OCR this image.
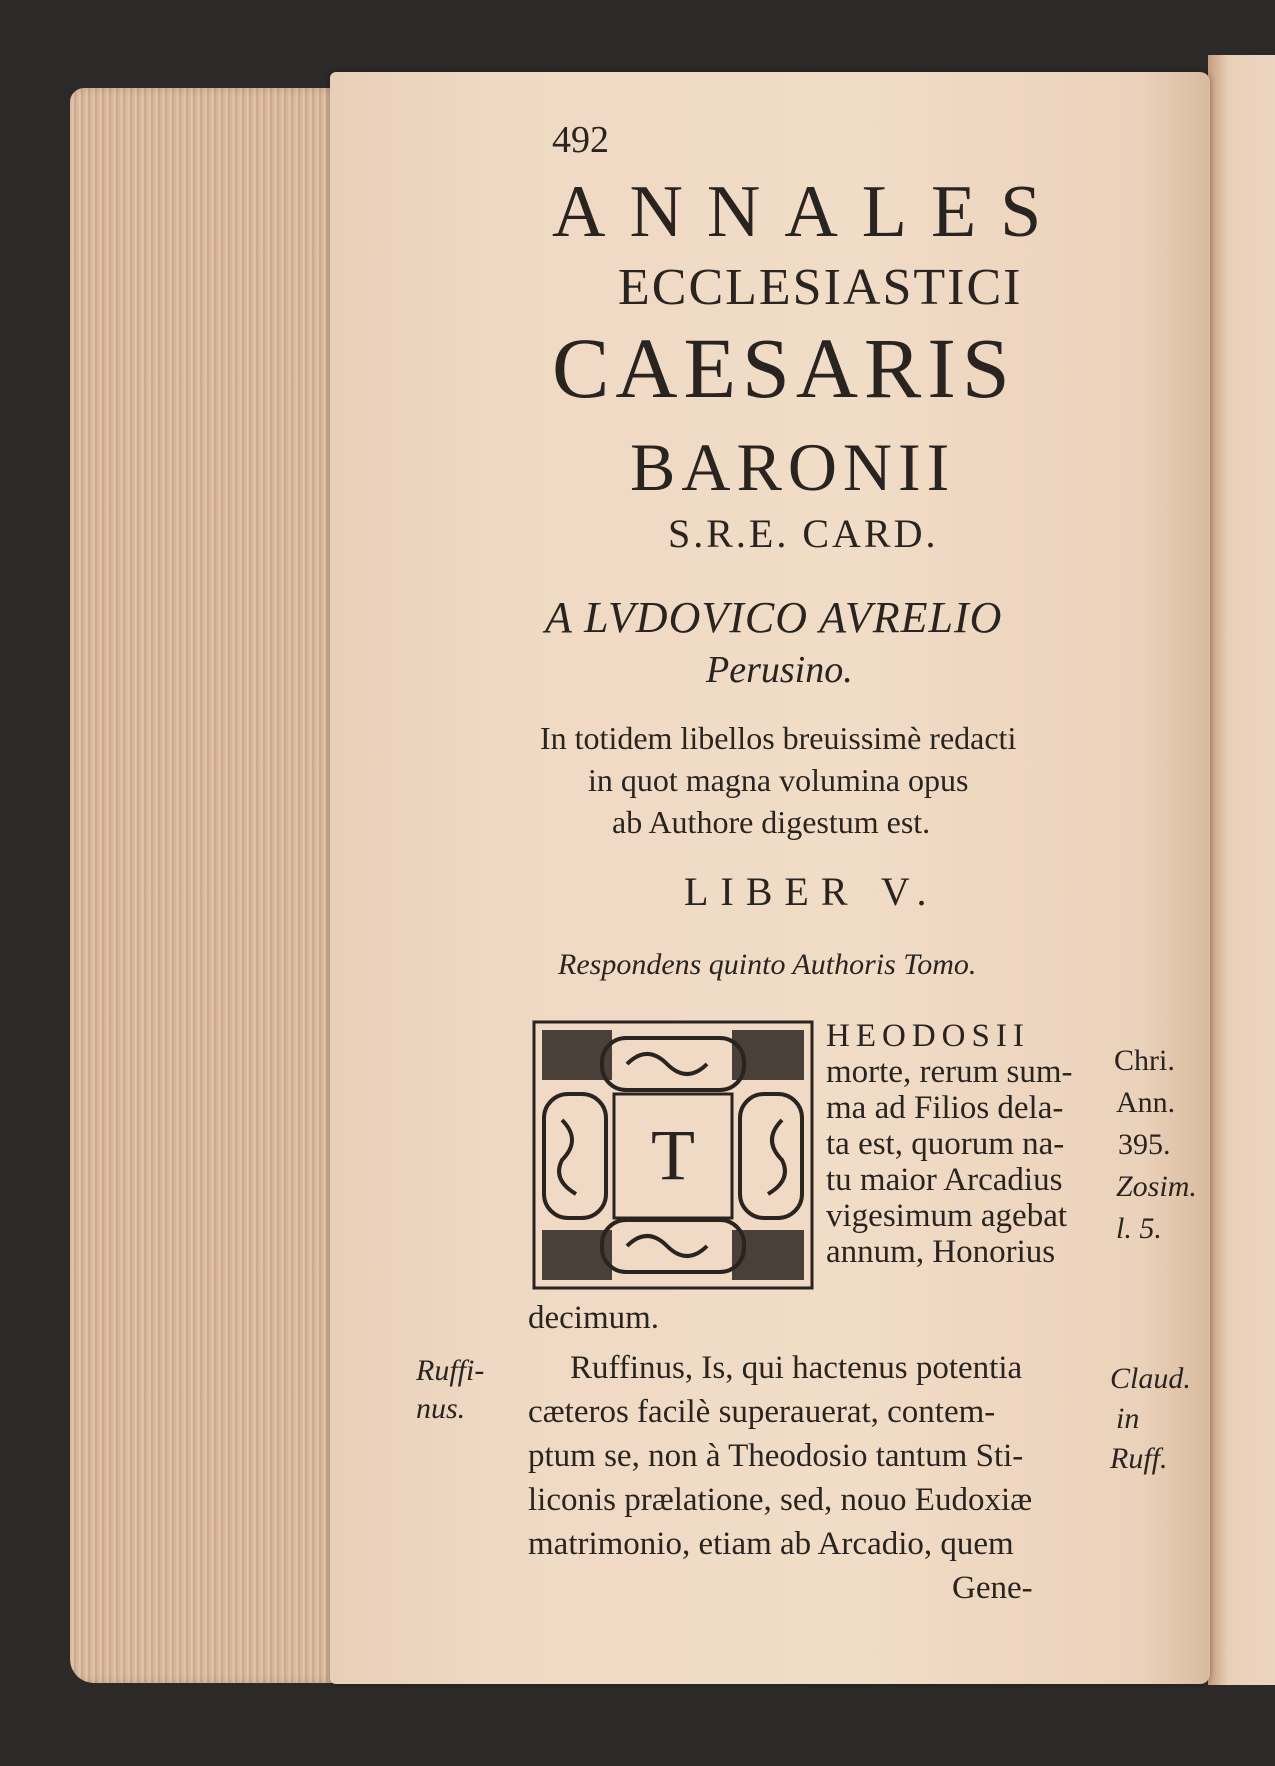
492
ANNALES
ECCLESIASTICI
CAESARIS
BARONII
S.R.E. CARD.
A LVDOVICO AVRELIO
Perusino.
In totidem libellos breuissimè redacti
in quot magna volumina opus
ab Authore digestum est.
LIBER V.
Respondens quinto Authoris Tomo.
T
HEODOSII
morte, rerum sum-
ma ad Filios dela-
ta est, quorum na-
tu maior Arcadius
vigesimum agebat
annum, Honorius
decimum.
Ruffinus, Is, qui hactenus potentia
cæteros facilè superauerat, contem-
ptum se, non à Theodosio tantum Sti-
liconis prælatione, sed, nouo Eudoxiæ
matrimonio, etiam ab Arcadio, quem
Gene-
Ruffi-
nus.
Chri.
Ann.
395.
Zosim.
l. 5.
Claud.
in
Ruff.
